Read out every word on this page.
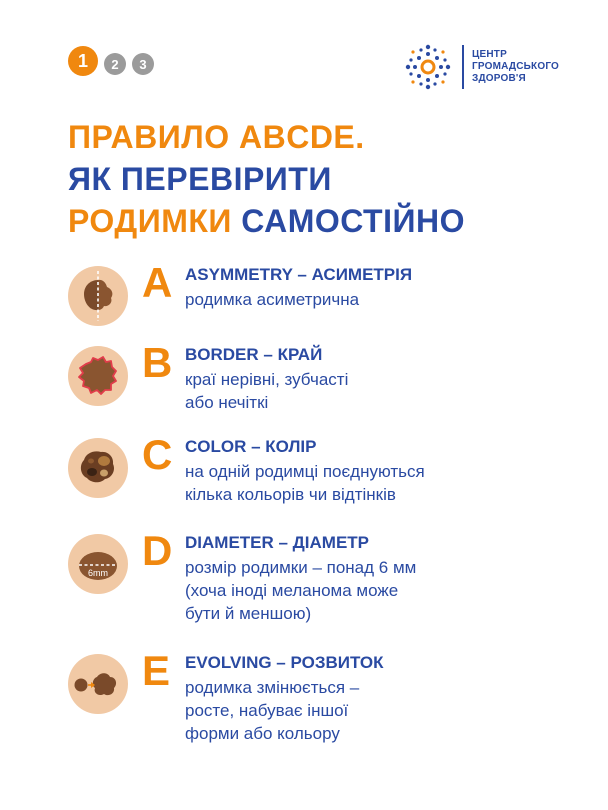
1	2	3
ЦЕНТР
ГРОМАДСЬКОГО
ЗДОРОВ'Я
ПРАВИЛО ABCDE.
ЯК ПЕРЕВІРИТИ
РОДИМКИ САМОСТІЙНО
A ASYMMETRY – АСИМЕТРІЯ

родимка асиметрична

B BORDER – КРАЙ

краї нерівні, зубчасті
або нечіткі

C COLOR – КОЛІР

на одній родимці поєднуються
кілька кольорів чи відтінків

6mm D DIAMETER – ДІАМЕТР

розмір родимки – понад 6 мм
(хоча іноді меланома може
бути й меншою)

E EVOLVING – РОЗВИТОК

родимка змінюється –
росте, набуває іншої
форми або кольору
